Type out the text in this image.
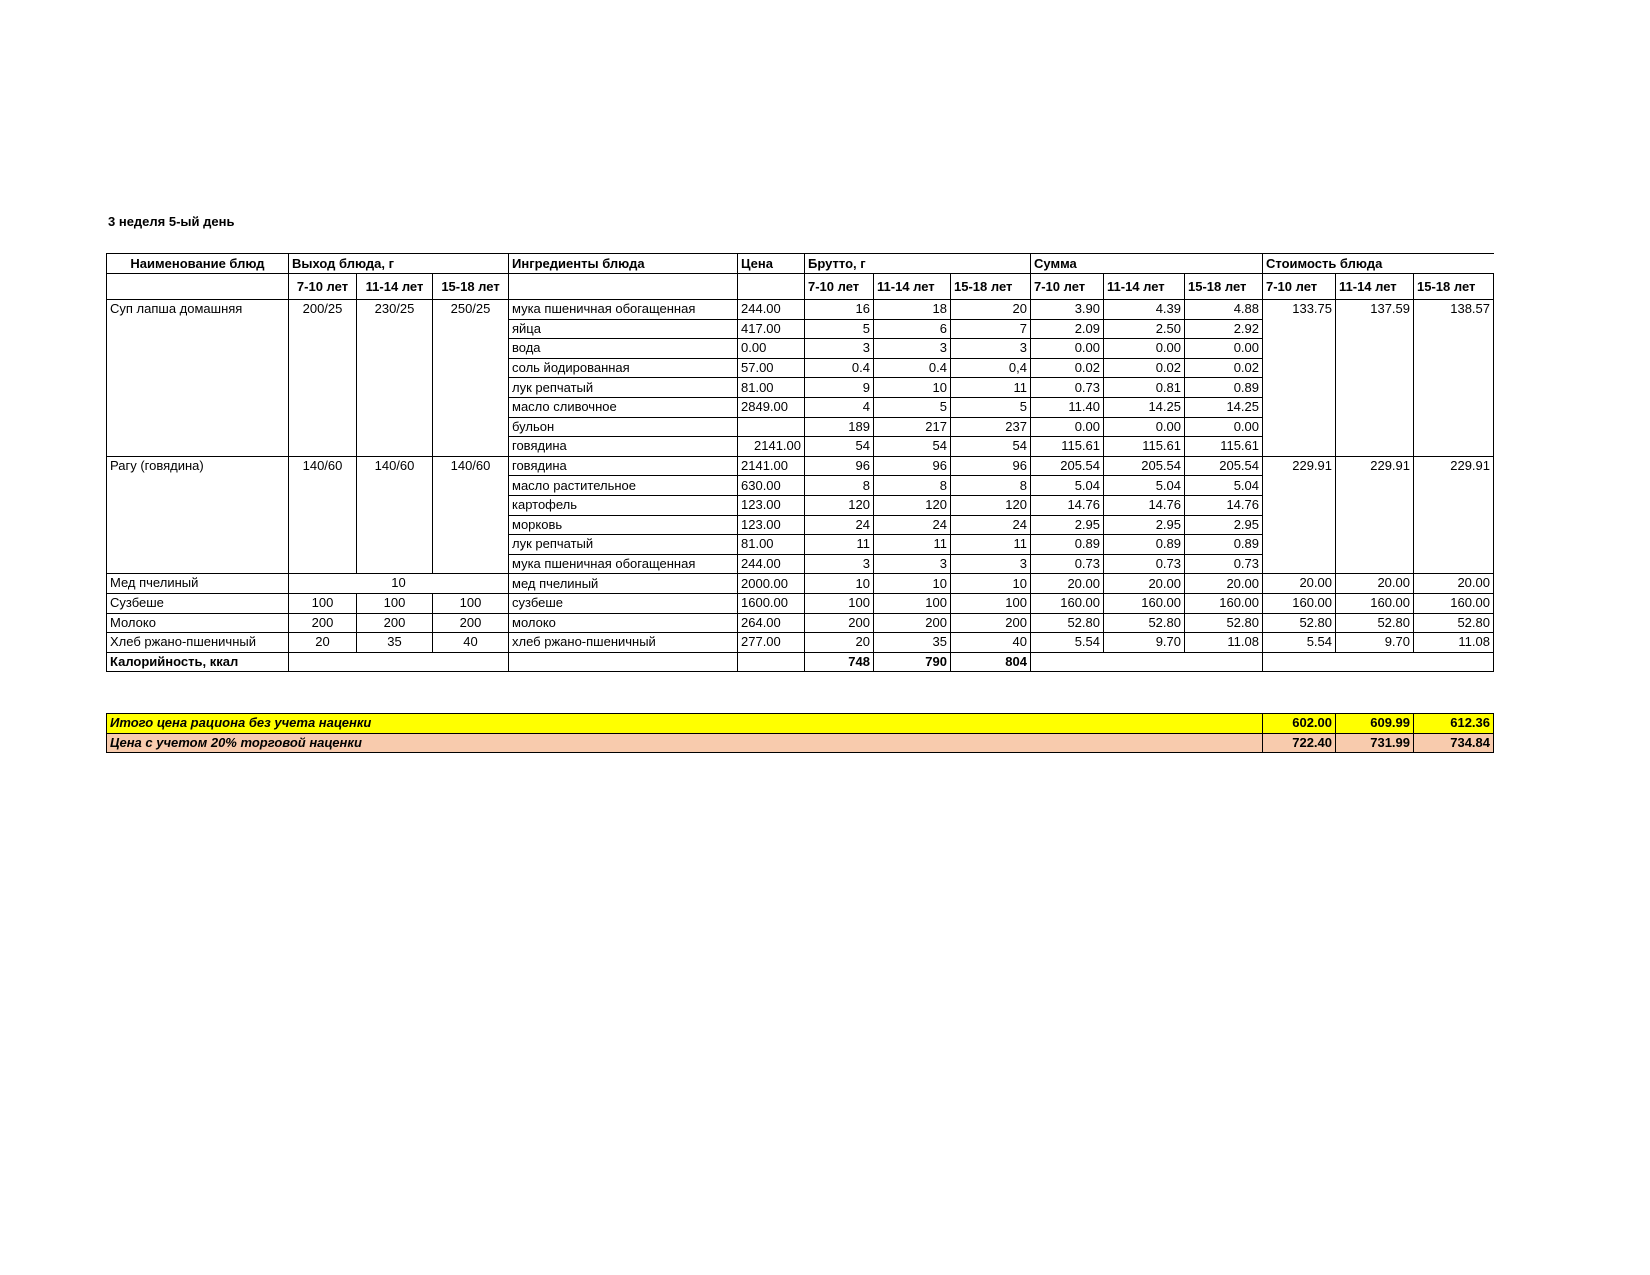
3 неделя 5-ый день
Наименование блюд	Выход блюда, г			Ингредиенты блюда	Цена	Брутто, г			Сумма			Стоимость блюда		
	7-10 лет	11-14 лет	15-18 лет			7-10 лет	11-14 лет	15-18 лет	7-10 лет	11-14 лет	15-18 лет	7-10 лет	11-14 лет	15-18 лет
Суп лапша домашняя	200/25	230/25	250/25	мука пшеничная обогащенная	244.00	16	18	20	3.90	4.39	4.88	133.75	137.59	138.57
				яйца	417.00	5	6	7	2.09	2.50	2.92			
				вода	0.00	3	3	3	0.00	0.00	0.00			
				соль йодированная	57.00	0.4	0.4	0,4	0.02	0.02	0.02			
				лук репчатый	81.00	9	10	11	0.73	0.81	0.89			
				масло сливочное	2849.00	4	5	5	11.40	14.25	14.25			
				бульон		189	217	237	0.00	0.00	0.00			
				говядина	2141.00	54	54	54	115.61	115.61	115.61			
Рагу (говядина)	140/60	140/60	140/60	говядина	2141.00	96	96	96	205.54	205.54	205.54	229.91	229.91	229.91
				масло растительное	630.00	8	8	8	5.04	5.04	5.04			
				картофель	123.00	120	120	120	14.76	14.76	14.76			
				морковь	123.00	24	24	24	2.95	2.95	2.95			
				лук репчатый	81.00	11	11	11	0.89	0.89	0.89			
				мука пшеничная обогащенная	244.00	3	3	3	0.73	0.73	0.73			
Мед пчелиный	10			мед пчелиный	2000.00	10	10	10	20.00	20.00	20.00	20.00	20.00	20.00
Сузбеше	100	100	100	сузбеше	1600.00	100	100	100	160.00	160.00	160.00	160.00	160.00	160.00
Молоко	200	200	200	молоко	264.00	200	200	200	52.80	52.80	52.80	52.80	52.80	52.80
Хлеб ржано-пшеничный	20	35	40	хлеб ржано-пшеничный	277.00	20	35	40	5.54	9.70	11.08	5.54	9.70	11.08
Калорийность, ккал						748	790	804						
Итого цена рациона без учета наценки	602.00	609.99	612.36
Цена с учетом 20% торговой наценки	722.40	731.99	734.84
